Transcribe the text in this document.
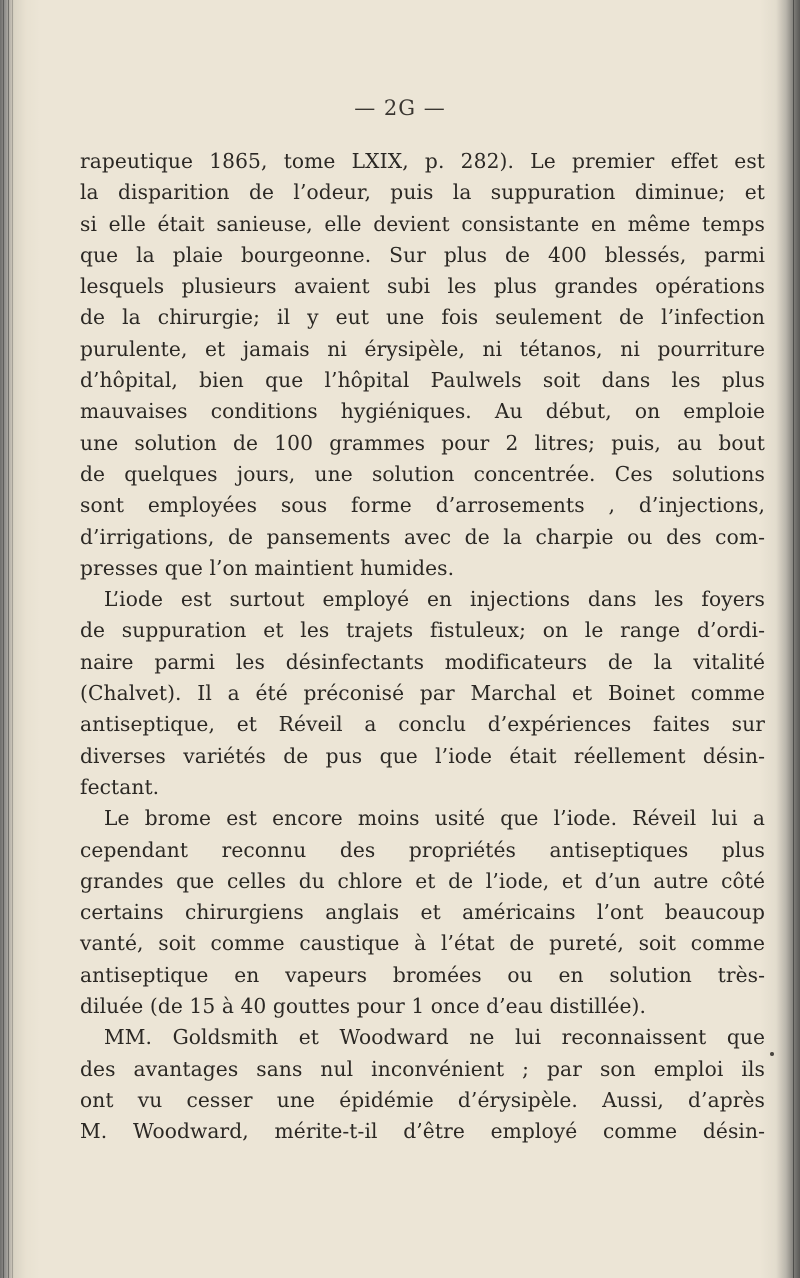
— 2G —
rapeutique 1865, tome LXIX, p. 282). Le premier effet est
la disparition de l’odeur, puis la suppuration diminue; et
si elle était sanieuse, elle devient consistante en même temps
que la plaie bourgeonne. Sur plus de 400 blessés, parmi
lesquels plusieurs avaient subi les plus grandes opérations
de la chirurgie; il y eut une fois seulement de l’infection
purulente, et jamais ni érysipèle, ni tétanos, ni pourriture
d’hôpital, bien que l’hôpital Paulwels soit dans les plus
mauvaises conditions hygiéniques. Au début, on emploie
une solution de 100 grammes pour 2 litres; puis, au bout
de quelques jours, une solution concentrée. Ces solutions
sont employées sous forme d’arrosements , d’injections,
d’irrigations, de pansements avec de la charpie ou des com-
presses que l’on maintient humides.
L’iode est surtout employé en injections dans les foyers
de suppuration et les trajets fistuleux; on le range d’ordi-
naire parmi les désinfectants modificateurs de la vitalité
(Chalvet). Il a été préconisé par Marchal et Boinet comme
antiseptique, et Réveil a conclu d’expériences faites sur
diverses variétés de pus que l’iode était réellement désin-
fectant.
Le brome est encore moins usité que l’iode. Réveil lui a
cependant reconnu des propriétés antiseptiques plus
grandes que celles du chlore et de l’iode, et d’un autre côté
certains chirurgiens anglais et américains l’ont beaucoup
vanté, soit comme caustique à l’état de pureté, soit comme
antiseptique en vapeurs bromées ou en solution très-
diluée (de 15 à 40 gouttes pour 1 once d’eau distillée).
MM. Goldsmith et Woodward ne lui reconnaissent que
des avantages sans nul inconvénient ; par son emploi ils
ont vu cesser une épidémie d’érysipèle. Aussi, d’après
M. Woodward, mérite-t-il d’être employé comme désin-
